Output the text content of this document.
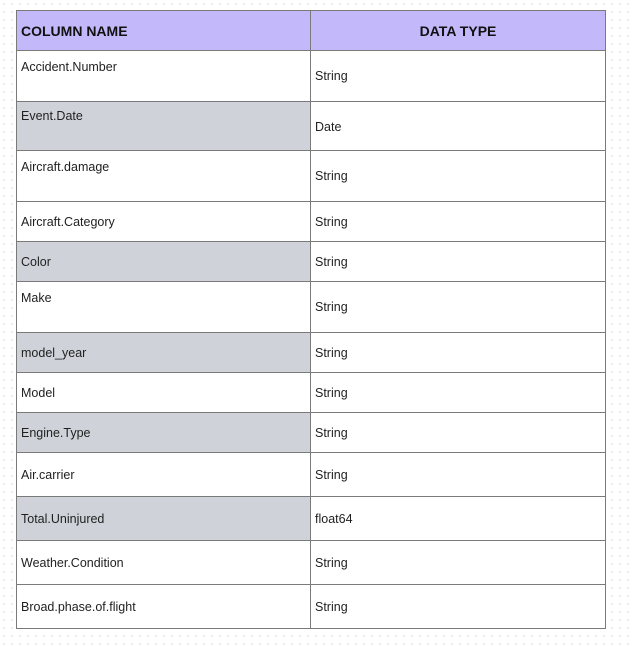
COLUMN NAME	DATA TYPE
Accident.Number	String
Event.Date	Date
Aircraft.damage	String
Aircraft.Category	String
Color	String
Make	String
model_year	String
Model	String
Engine.Type	String
Air.carrier	String
Total.Uninjured	float64
Weather.Condition	String
Broad.phase.of.flight	String
